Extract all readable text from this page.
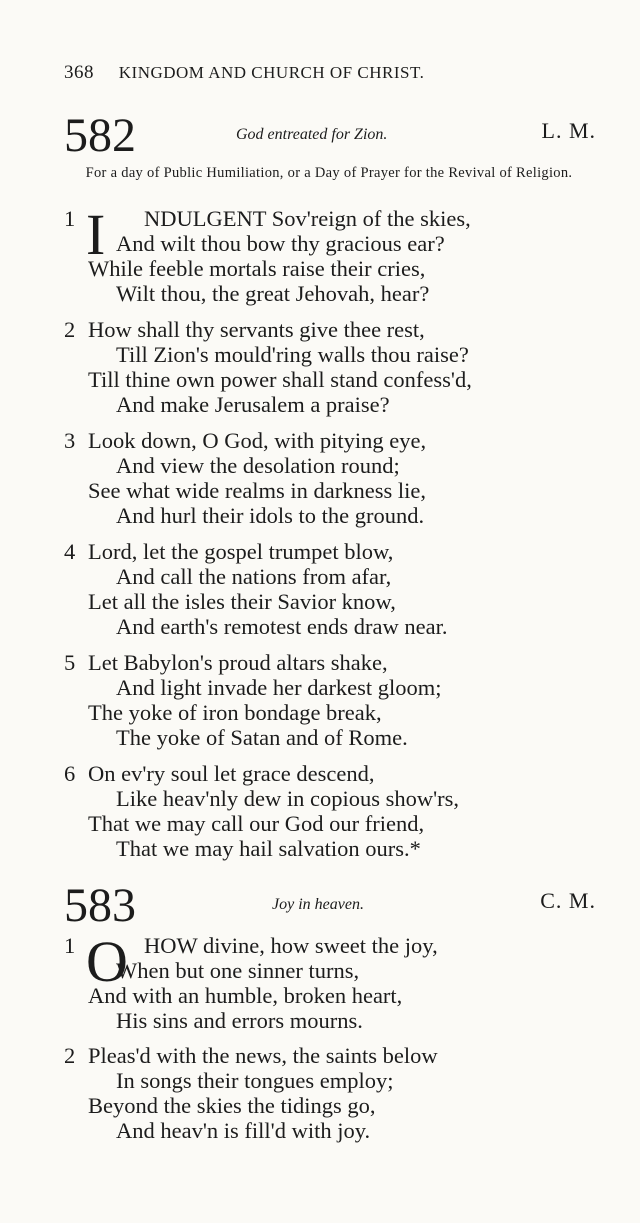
368 KINGDOM AND CHURCH OF CHRIST.
582	God entreated for Zion.	L. M.
For a day of Public Humiliation, or a Day of Prayer for the Revival of Religion.
I
1	NDULGENT Sov'reign of the skies,
And wilt thou bow thy gracious ear?
While feeble mortals raise their cries,
Wilt thou, the great Jehovah, hear?
2 How shall thy servants give thee rest,
Till Zion's mould'ring walls thou raise?
Till thine own power shall stand confess'd,
And make Jerusalem a praise?
3 Look down, O God, with pitying eye,
And view the desolation round;
See what wide realms in darkness lie,
And hurl their idols to the ground.
4 Lord, let the gospel trumpet blow,
And call the nations from afar,
Let all the isles their Savior know,
And earth's remotest ends draw near.
5 Let Babylon's proud altars shake,
And light invade her darkest gloom;
The yoke of iron bondage break,
The yoke of Satan and of Rome.
6 On ev'ry soul let grace descend,
Like heav'nly dew in copious show'rs,
That we may call our God our friend,
That we may hail salvation ours.*
583	Joy in heaven.	C. M.
O
1	HOW divine, how sweet the joy,
When but one sinner turns,
And with an humble, broken heart,
His sins and errors mourns.
2 Pleas'd with the news, the saints below
In songs their tongues employ;
Beyond the skies the tidings go,
And heav'n is fill'd with joy.
